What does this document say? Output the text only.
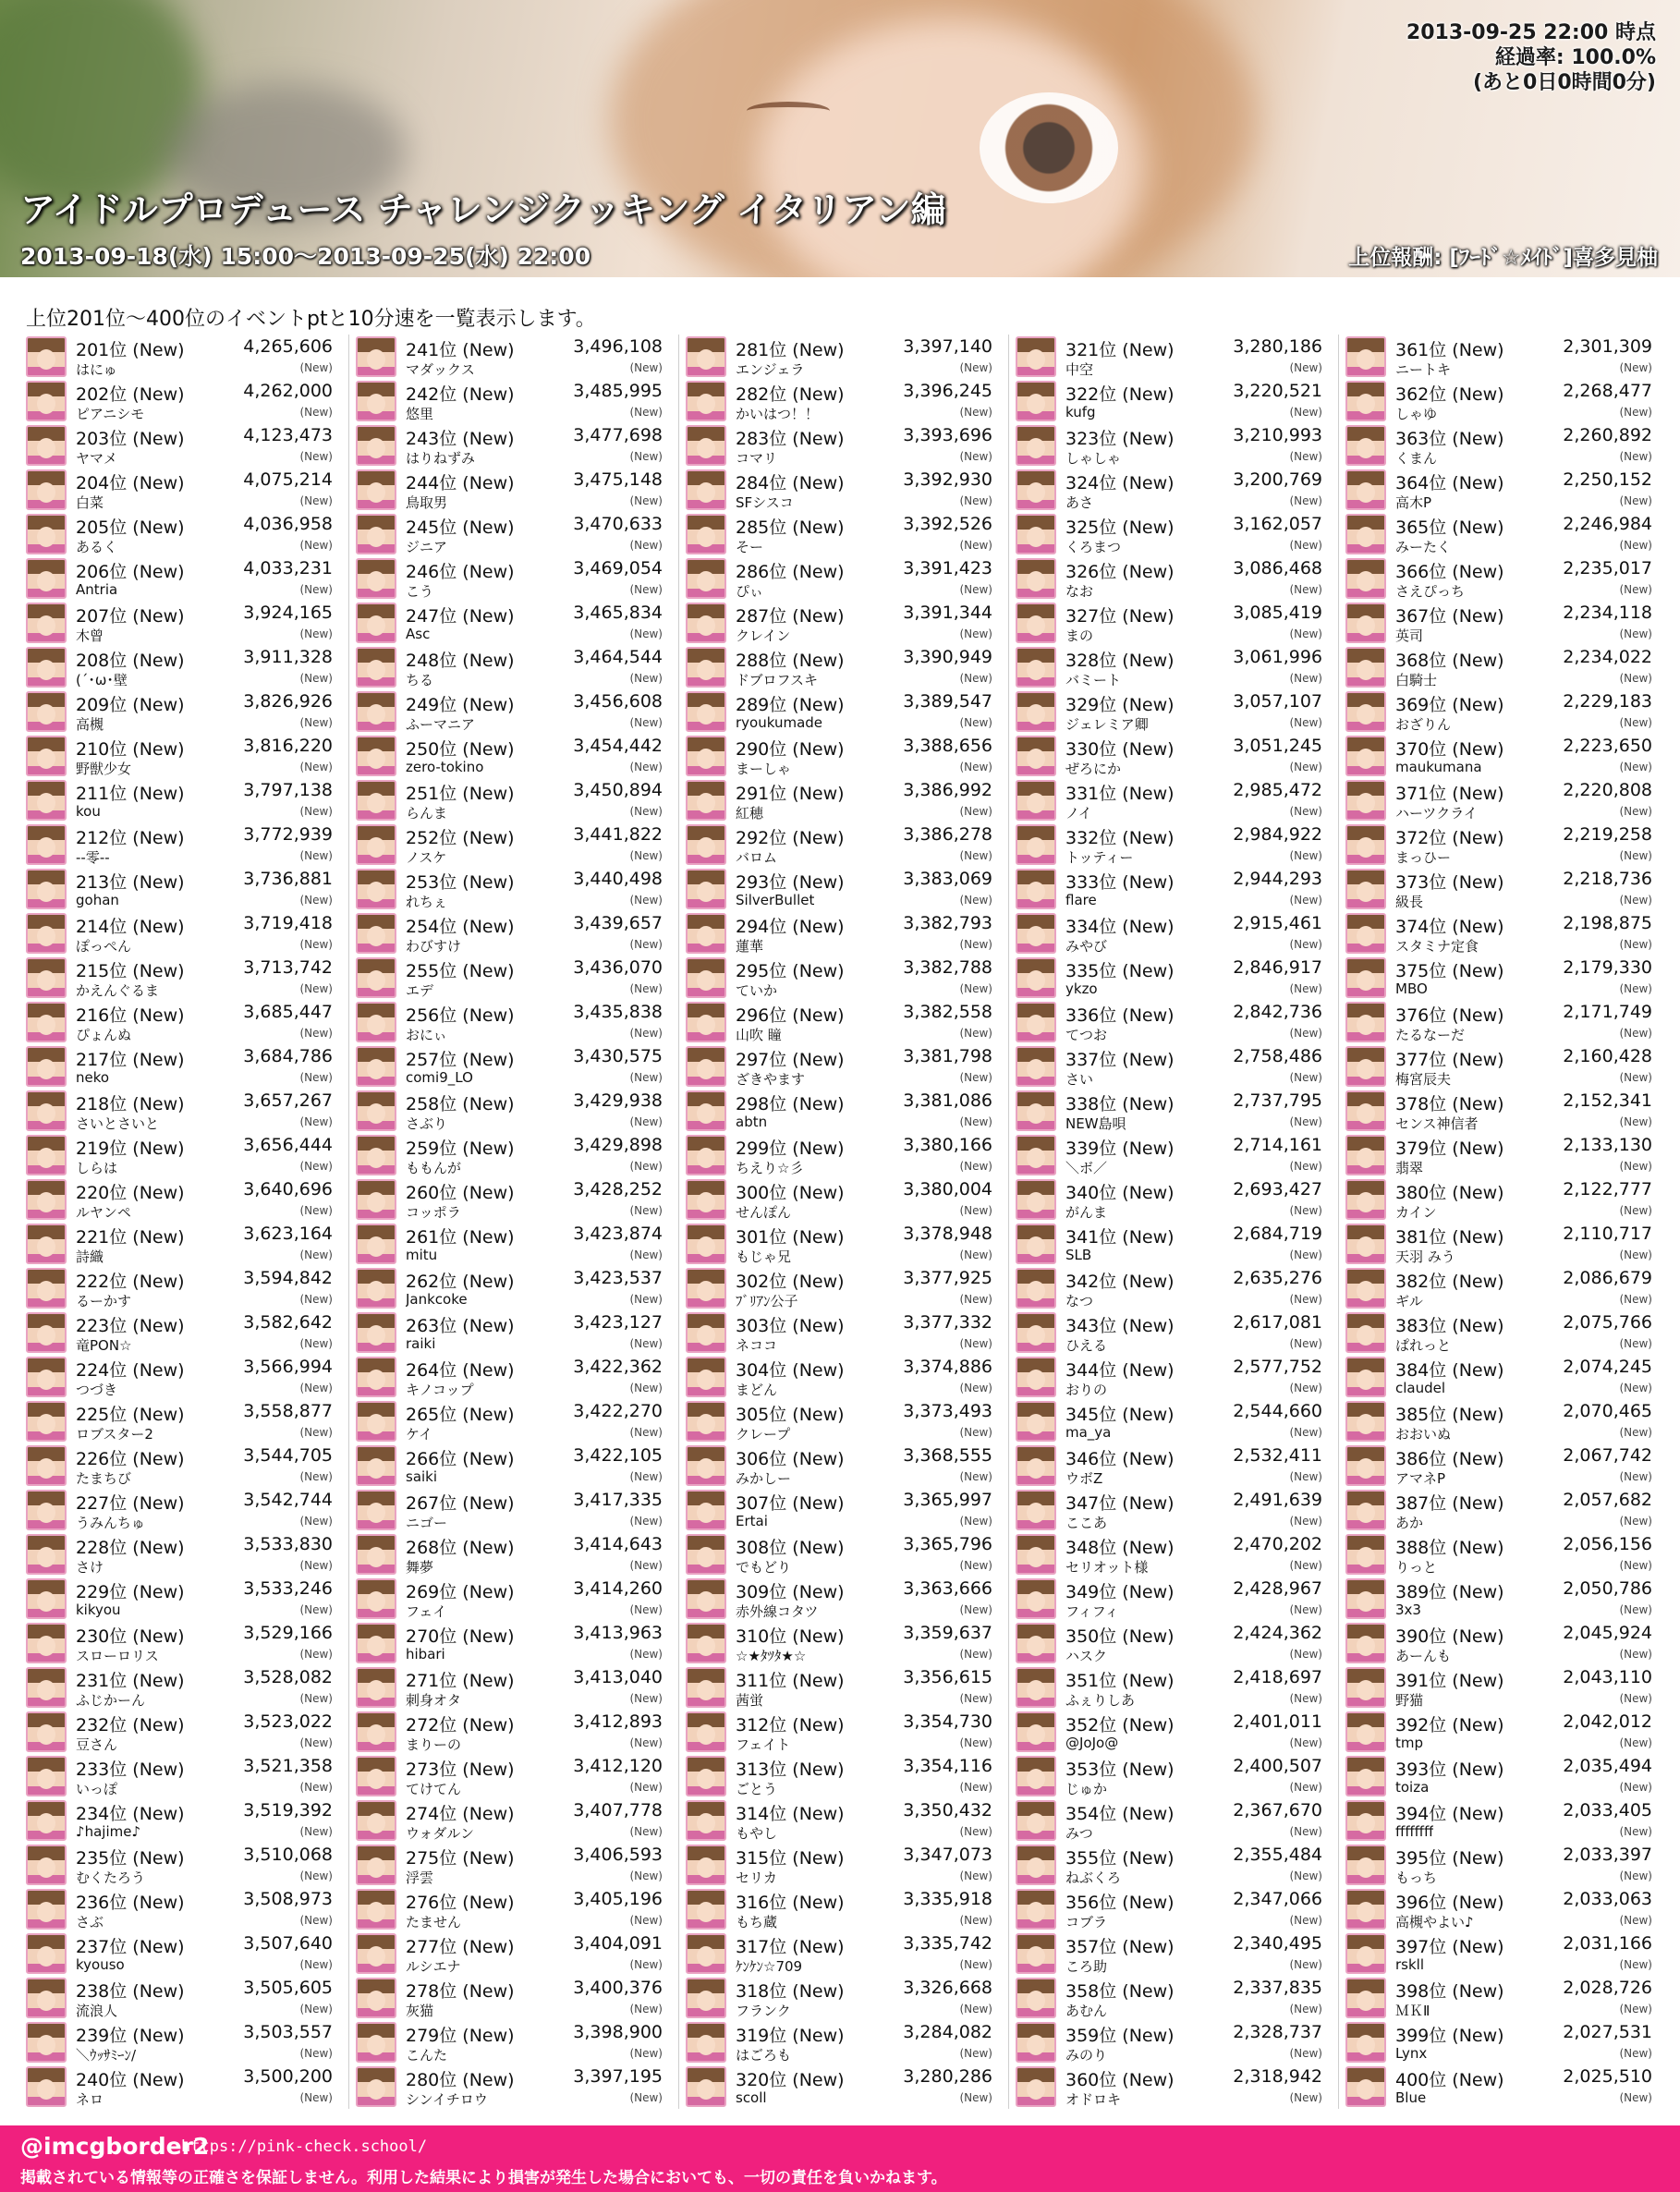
2013-09-25 22:00 時点
経過率: 100.0%
(あと0日0時間0分)
アイドルプロデュース チャレンジクッキング イタリアン編
2013-09-18(水) 15:00〜2013-09-25(水) 22:00	上位報酬: [ﾌｰﾄﾞ☆ﾒｲﾄﾞ]喜多見柚
上位201位〜400位のイベントptと10分速を一覧表示します。
201位 (New)
はにゅ
4,265,606
(New)
202位 (New)
ピアニシモ
4,262,000
(New)
203位 (New)
ヤマメ
4,123,473
(New)
204位 (New)
白菜
4,075,214
(New)
205位 (New)
あるく
4,036,958
(New)
206位 (New)
Antria
4,033,231
(New)
207位 (New)
木曾
3,924,165
(New)
208位 (New)
(´･ω･壁
3,911,328
(New)
209位 (New)
高槻
3,826,926
(New)
210位 (New)
野獣少女
3,816,220
(New)
211位 (New)
kou
3,797,138
(New)
212位 (New)
--零--
3,772,939
(New)
213位 (New)
gohan
3,736,881
(New)
214位 (New)
ぽっぺん
3,719,418
(New)
215位 (New)
かえんぐるま
3,713,742
(New)
216位 (New)
ぴょんぬ
3,685,447
(New)
217位 (New)
neko
3,684,786
(New)
218位 (New)
さいとさいと
3,657,267
(New)
219位 (New)
しらは
3,656,444
(New)
220位 (New)
ルヤンペ
3,640,696
(New)
221位 (New)
詩織
3,623,164
(New)
222位 (New)
るーかす
3,594,842
(New)
223位 (New)
竜PON☆
3,582,642
(New)
224位 (New)
つづき
3,566,994
(New)
225位 (New)
ロブスター2
3,558,877
(New)
226位 (New)
たまちび
3,544,705
(New)
227位 (New)
うみんちゅ
3,542,744
(New)
228位 (New)
さけ
3,533,830
(New)
229位 (New)
kikyou
3,533,246
(New)
230位 (New)
スローロリス
3,529,166
(New)
231位 (New)
ふじかーん
3,528,082
(New)
232位 (New)
豆さん
3,523,022
(New)
233位 (New)
いっぽ
3,521,358
(New)
234位 (New)
♪hajime♪
3,519,392
(New)
235位 (New)
むくたろう
3,510,068
(New)
236位 (New)
さぶ
3,508,973
(New)
237位 (New)
kyouso
3,507,640
(New)
238位 (New)
流浪人
3,505,605
(New)
239位 (New)
＼ｳｯｻﾐｰﾝ/
3,503,557
(New)
240位 (New)
ネロ
3,500,200
(New)
241位 (New)
マダックス
3,496,108
(New)
242位 (New)
悠里
3,485,995
(New)
243位 (New)
はりねずみ
3,477,698
(New)
244位 (New)
鳥取男
3,475,148
(New)
245位 (New)
ジニア
3,470,633
(New)
246位 (New)
こう
3,469,054
(New)
247位 (New)
Asc
3,465,834
(New)
248位 (New)
ちる
3,464,544
(New)
249位 (New)
ふーマニア
3,456,608
(New)
250位 (New)
zero-tokino
3,454,442
(New)
251位 (New)
らんま
3,450,894
(New)
252位 (New)
ノスケ
3,441,822
(New)
253位 (New)
れちぇ
3,440,498
(New)
254位 (New)
わびすけ
3,439,657
(New)
255位 (New)
エデ
3,436,070
(New)
256位 (New)
おにぃ
3,435,838
(New)
257位 (New)
comi9_LO
3,430,575
(New)
258位 (New)
さぶり
3,429,938
(New)
259位 (New)
ももんが
3,429,898
(New)
260位 (New)
コッポラ
3,428,252
(New)
261位 (New)
mitu
3,423,874
(New)
262位 (New)
Jankcoke
3,423,537
(New)
263位 (New)
raiki
3,423,127
(New)
264位 (New)
キノコップ
3,422,362
(New)
265位 (New)
ケイ
3,422,270
(New)
266位 (New)
saiki
3,422,105
(New)
267位 (New)
ニゴー
3,417,335
(New)
268位 (New)
舞夢
3,414,643
(New)
269位 (New)
フェイ
3,414,260
(New)
270位 (New)
hibari
3,413,963
(New)
271位 (New)
刺身オタ
3,413,040
(New)
272位 (New)
まりーの
3,412,893
(New)
273位 (New)
てけてん
3,412,120
(New)
274位 (New)
ウォダルン
3,407,778
(New)
275位 (New)
浮雲
3,406,593
(New)
276位 (New)
たません
3,405,196
(New)
277位 (New)
ルシエナ
3,404,091
(New)
278位 (New)
灰猫
3,400,376
(New)
279位 (New)
こんた
3,398,900
(New)
280位 (New)
シンイチロウ
3,397,195
(New)
281位 (New)
エンジェラ
3,397,140
(New)
282位 (New)
かいはつ！！
3,396,245
(New)
283位 (New)
コマリ
3,393,696
(New)
284位 (New)
SFシスコ
3,392,930
(New)
285位 (New)
そー
3,392,526
(New)
286位 (New)
ぴぃ
3,391,423
(New)
287位 (New)
クレイン
3,391,344
(New)
288位 (New)
ドブロフスキ
3,390,949
(New)
289位 (New)
ryoukumade
3,389,547
(New)
290位 (New)
まーしゃ
3,388,656
(New)
291位 (New)
紅穂
3,386,992
(New)
292位 (New)
バロム
3,386,278
(New)
293位 (New)
SilverBullet
3,383,069
(New)
294位 (New)
蓮華
3,382,793
(New)
295位 (New)
ていか
3,382,788
(New)
296位 (New)
山吹 瞳
3,382,558
(New)
297位 (New)
ざきやます
3,381,798
(New)
298位 (New)
abtn
3,381,086
(New)
299位 (New)
ちえり☆彡
3,380,166
(New)
300位 (New)
せんぽん
3,380,004
(New)
301位 (New)
もじゃ兄
3,378,948
(New)
302位 (New)
ﾌﾞﾘｱﾝ公子
3,377,925
(New)
303位 (New)
ネココ
3,377,332
(New)
304位 (New)
まどん
3,374,886
(New)
305位 (New)
クレープ
3,373,493
(New)
306位 (New)
みかしー
3,368,555
(New)
307位 (New)
Ertai
3,365,997
(New)
308位 (New)
でもどり
3,365,796
(New)
309位 (New)
赤外線コタツ
3,363,666
(New)
310位 (New)
☆★ﾀﾂﾀ★☆
3,359,637
(New)
311位 (New)
茜蛍
3,356,615
(New)
312位 (New)
フェイト
3,354,730
(New)
313位 (New)
ごとう
3,354,116
(New)
314位 (New)
もやし
3,350,432
(New)
315位 (New)
セリカ
3,347,073
(New)
316位 (New)
もち蔵
3,335,918
(New)
317位 (New)
ｹﾝｹﾝ☆709
3,335,742
(New)
318位 (New)
フランク
3,326,668
(New)
319位 (New)
はごろも
3,284,082
(New)
320位 (New)
scoll
3,280,286
(New)
321位 (New)
中空
3,280,186
(New)
322位 (New)
kufg
3,220,521
(New)
323位 (New)
しゃしゃ
3,210,993
(New)
324位 (New)
あさ
3,200,769
(New)
325位 (New)
くろまつ
3,162,057
(New)
326位 (New)
なお
3,086,468
(New)
327位 (New)
まの
3,085,419
(New)
328位 (New)
バミート
3,061,996
(New)
329位 (New)
ジェレミア卿
3,057,107
(New)
330位 (New)
ぜろにか
3,051,245
(New)
331位 (New)
ノイ
2,985,472
(New)
332位 (New)
トッティー
2,984,922
(New)
333位 (New)
flare
2,944,293
(New)
334位 (New)
みやび
2,915,461
(New)
335位 (New)
ykzo
2,846,917
(New)
336位 (New)
てつお
2,842,736
(New)
337位 (New)
さい
2,758,486
(New)
338位 (New)
NEW島唄
2,737,795
(New)
339位 (New)
＼ボ／
2,714,161
(New)
340位 (New)
がんま
2,693,427
(New)
341位 (New)
SLB
2,684,719
(New)
342位 (New)
なつ
2,635,276
(New)
343位 (New)
ひえる
2,617,081
(New)
344位 (New)
おりの
2,577,752
(New)
345位 (New)
ma_ya
2,544,660
(New)
346位 (New)
ウボZ
2,532,411
(New)
347位 (New)
ここあ
2,491,639
(New)
348位 (New)
セリオット様
2,470,202
(New)
349位 (New)
フィフィ
2,428,967
(New)
350位 (New)
ハスク
2,424,362
(New)
351位 (New)
ふぇりしあ
2,418,697
(New)
352位 (New)
@JoJo@
2,401,011
(New)
353位 (New)
じゅか
2,400,507
(New)
354位 (New)
みつ
2,367,670
(New)
355位 (New)
ねぶくろ
2,355,484
(New)
356位 (New)
コブラ
2,347,066
(New)
357位 (New)
ころ助
2,340,495
(New)
358位 (New)
あむん
2,337,835
(New)
359位 (New)
みのり
2,328,737
(New)
360位 (New)
オドロキ
2,318,942
(New)
361位 (New)
ニートキ
2,301,309
(New)
362位 (New)
しゃゆ
2,268,477
(New)
363位 (New)
くまん
2,260,892
(New)
364位 (New)
高木P
2,250,152
(New)
365位 (New)
みーたく
2,246,984
(New)
366位 (New)
さえぴっち
2,235,017
(New)
367位 (New)
英司
2,234,118
(New)
368位 (New)
白騎士
2,234,022
(New)
369位 (New)
おざりん
2,229,183
(New)
370位 (New)
maukumana
2,223,650
(New)
371位 (New)
ハーツクライ
2,220,808
(New)
372位 (New)
まっひー
2,219,258
(New)
373位 (New)
級長
2,218,736
(New)
374位 (New)
スタミナ定食
2,198,875
(New)
375位 (New)
MBO
2,179,330
(New)
376位 (New)
たるなーだ
2,171,749
(New)
377位 (New)
梅宮辰夫
2,160,428
(New)
378位 (New)
センス神信者
2,152,341
(New)
379位 (New)
翡翠
2,133,130
(New)
380位 (New)
カイン
2,122,777
(New)
381位 (New)
天羽 みう
2,110,717
(New)
382位 (New)
ギル
2,086,679
(New)
383位 (New)
ぱれっと
2,075,766
(New)
384位 (New)
claudel
2,074,245
(New)
385位 (New)
おおいぬ
2,070,465
(New)
386位 (New)
アマネP
2,067,742
(New)
387位 (New)
あか
2,057,682
(New)
388位 (New)
りっと
2,056,156
(New)
389位 (New)
3x3
2,050,786
(New)
390位 (New)
あーんも
2,045,924
(New)
391位 (New)
野猫
2,043,110
(New)
392位 (New)
tmp
2,042,012
(New)
393位 (New)
toiza
2,035,494
(New)
394位 (New)
ffffffff
2,033,405
(New)
395位 (New)
もっち
2,033,397
(New)
396位 (New)
高槻やよい♪
2,033,063
(New)
397位 (New)
rskll
2,031,166
(New)
398位 (New)
ＭＫⅡ
2,028,726
(New)
399位 (New)
Lynx
2,027,531
(New)
400位 (New)
Blue
2,025,510
(New)
@imcgborder2
https://pink-check.school/
掲載されている情報等の正確さを保証しません。利用した結果により損害が発生した場合においても、一切の責任を負いかねます。
